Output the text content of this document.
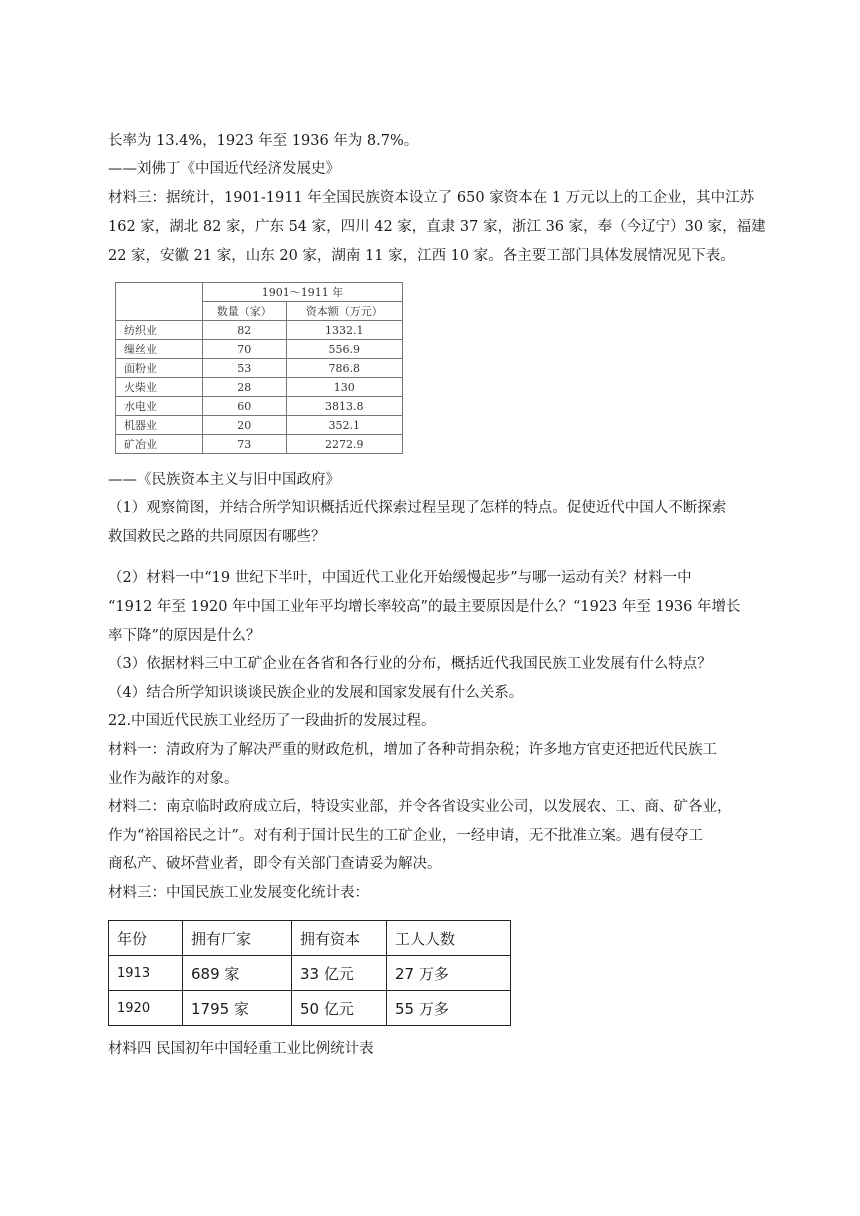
长率为 13.4%，1923 年至 1936 年为 8.7%。
——刘佛丁《中国近代经济发展史》
材料三：据统计，1901-1911 年全国民族资本设立了 650 家资本在 1 万元以上的工企业，其中江苏
162 家，湖北 82 家，广东 54 家，四川 42 家，直隶 37 家，浙江 36 家，奉（今辽宁）30 家，福建
22 家，安徽 21 家，山东 20 家，湖南 11 家，江西 10 家。各主要工部门具体发展情况见下表。
	1901～1911 年	
	数量（家）	资本额（万元）
纺织业	82	1332.1
缫丝业	70	556.9
面粉业	53	786.8
火柴业	28	130
水电业	60	3813.8
机器业	20	352.1
矿冶业	73	2272.9
——《民族资本主义与旧中国政府》
（1）观察简图，并结合所学知识概括近代探索过程呈现了怎样的特点。促使近代中国人不断探索
救国救民之路的共同原因有哪些？
（2）材料一中“19 世纪下半叶，中国近代工业化开始缓慢起步”与哪一运动有关？材料一中
“1912 年至 1920 年中国工业年平均增长率较高”的最主要原因是什么？“1923 年至 1936 年增长
率下降”的原因是什么？
（3）依据材料三中工矿企业在各省和各行业的分布，概括近代我国民族工业发展有什么特点？
（4）结合所学知识谈谈民族企业的发展和国家发展有什么关系。
22.中国近代民族工业经历了一段曲折的发展过程。
材料一：清政府为了解决严重的财政危机，增加了各种苛捐杂税；许多地方官吏还把近代民族工
业作为敲诈的对象。
材料二：南京临时政府成立后，特设实业部，并令各省设实业公司，以发展农、工、商、矿各业，
作为“裕国裕民之计”。对有利于国计民生的工矿企业，一经申请，无不批准立案。遇有侵夺工
商私产、破坏营业者，即令有关部门查请妥为解决。
材料三：中国民族工业发展变化统计表：
年份	拥有厂家	拥有资本	工人人数
1913	689 家	33 亿元	27 万多
1920	1795 家	50 亿元	55 万多
材料四 民国初年中国轻重工业比例统计表
